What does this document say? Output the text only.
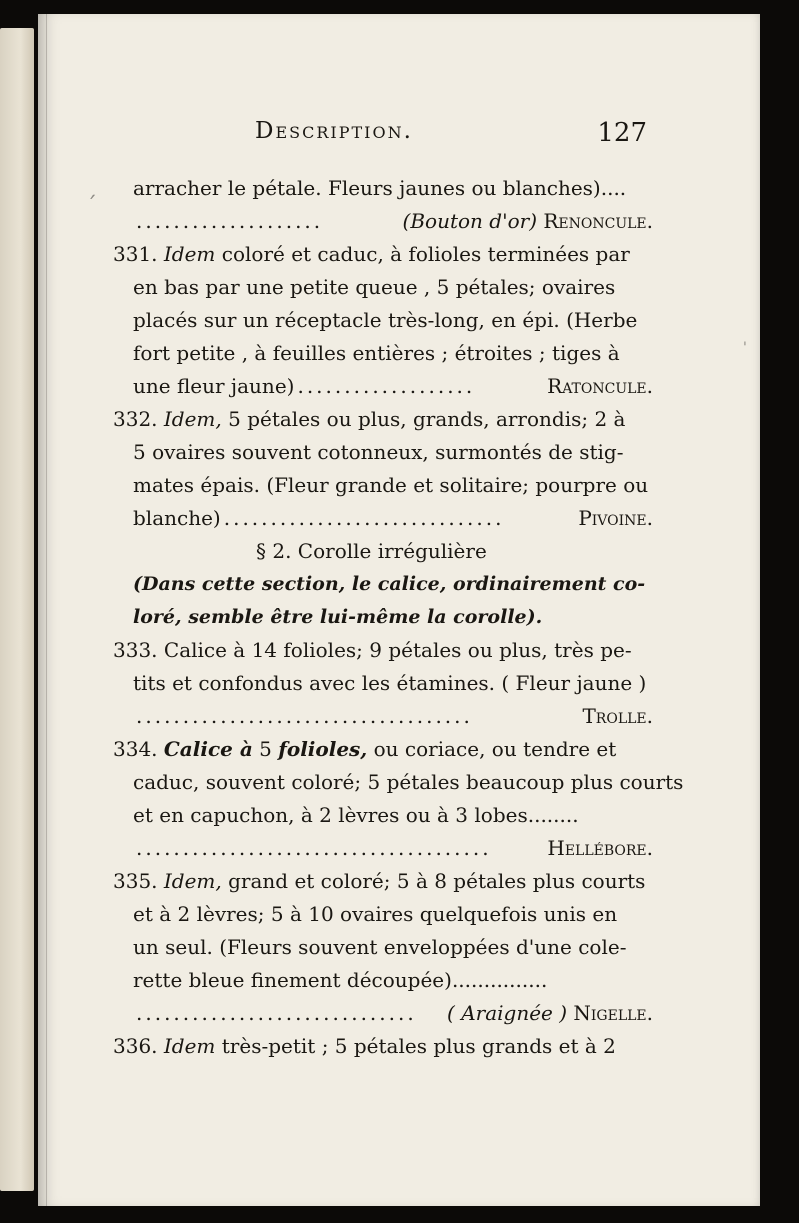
´
'
Description.	127
arracher le pétale. Fleurs jaunes ou blanches)....
....................	(Bouton d'or) Renoncule.
331. Idem coloré et caduc, à folioles terminées par
en bas par une petite queue , 5 pétales; ovaires
placés sur un réceptacle très-long, en épi. (Herbe
fort petite , à feuilles entières ; étroites ; tiges à
une fleur jaune) ...................	Ratoncule.
332. Idem, 5 pétales ou plus, grands, arrondis; 2 à
5 ovaires souvent cotonneux, surmontés de stig-
mates épais. (Fleur grande et solitaire; pourpre ou
blanche) ..............................	Pivoine.
§ 2. Corolle irrégulière
(Dans cette section, le calice, ordinairement co-
loré, semble être lui-même la corolle).
333. Calice à 14 folioles; 9 pétales ou plus, très pe-
tits et confondus avec les étamines. ( Fleur jaune )
....................................	Trolle.
334. Calice à 5 folioles, ou coriace, ou tendre et
caduc, souvent coloré; 5 pétales beaucoup plus courts
et en capuchon, à 2 lèvres ou à 3 lobes........
......................................	Hellébore.
335. Idem, grand et coloré; 5 à 8 pétales plus courts
et à 2 lèvres; 5 à 10 ovaires quelquefois unis en
un seul. (Fleurs souvent enveloppées d'une cole-
rette bleue finement découpée)...............
..............................	( Araignée ) Nigelle.
336. Idem très-petit ; 5 pétales plus grands et à 2
